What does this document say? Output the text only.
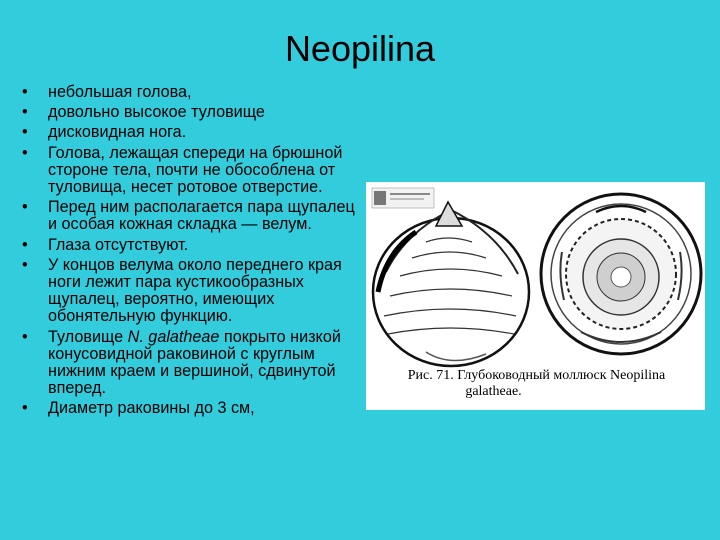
Neopilina
• небольшая голова,
• довольно высокое туловище
• дисковидная нога.
• Голова, лежащая спереди на брюшной стороне тела, почти не обособлена от туловища, несет ротовое отверстие.
• Перед ним располагается пара щупалец и особая кожная складка — велум.
• Глаза отсутствуют.
• У концов велума около переднего края ноги лежит пара кустикообразных щупалец, вероятно, имеющих обонятельную функцию.
• Туловище N. galatheae покрыто низкой конусовидной раковиной с круглым нижним краем и вершиной, сдвинутой вперед.
• Диаметр раковины до 3 см,
Рис. 71. Глубоководный моллюск Neopilina

galatheae.
